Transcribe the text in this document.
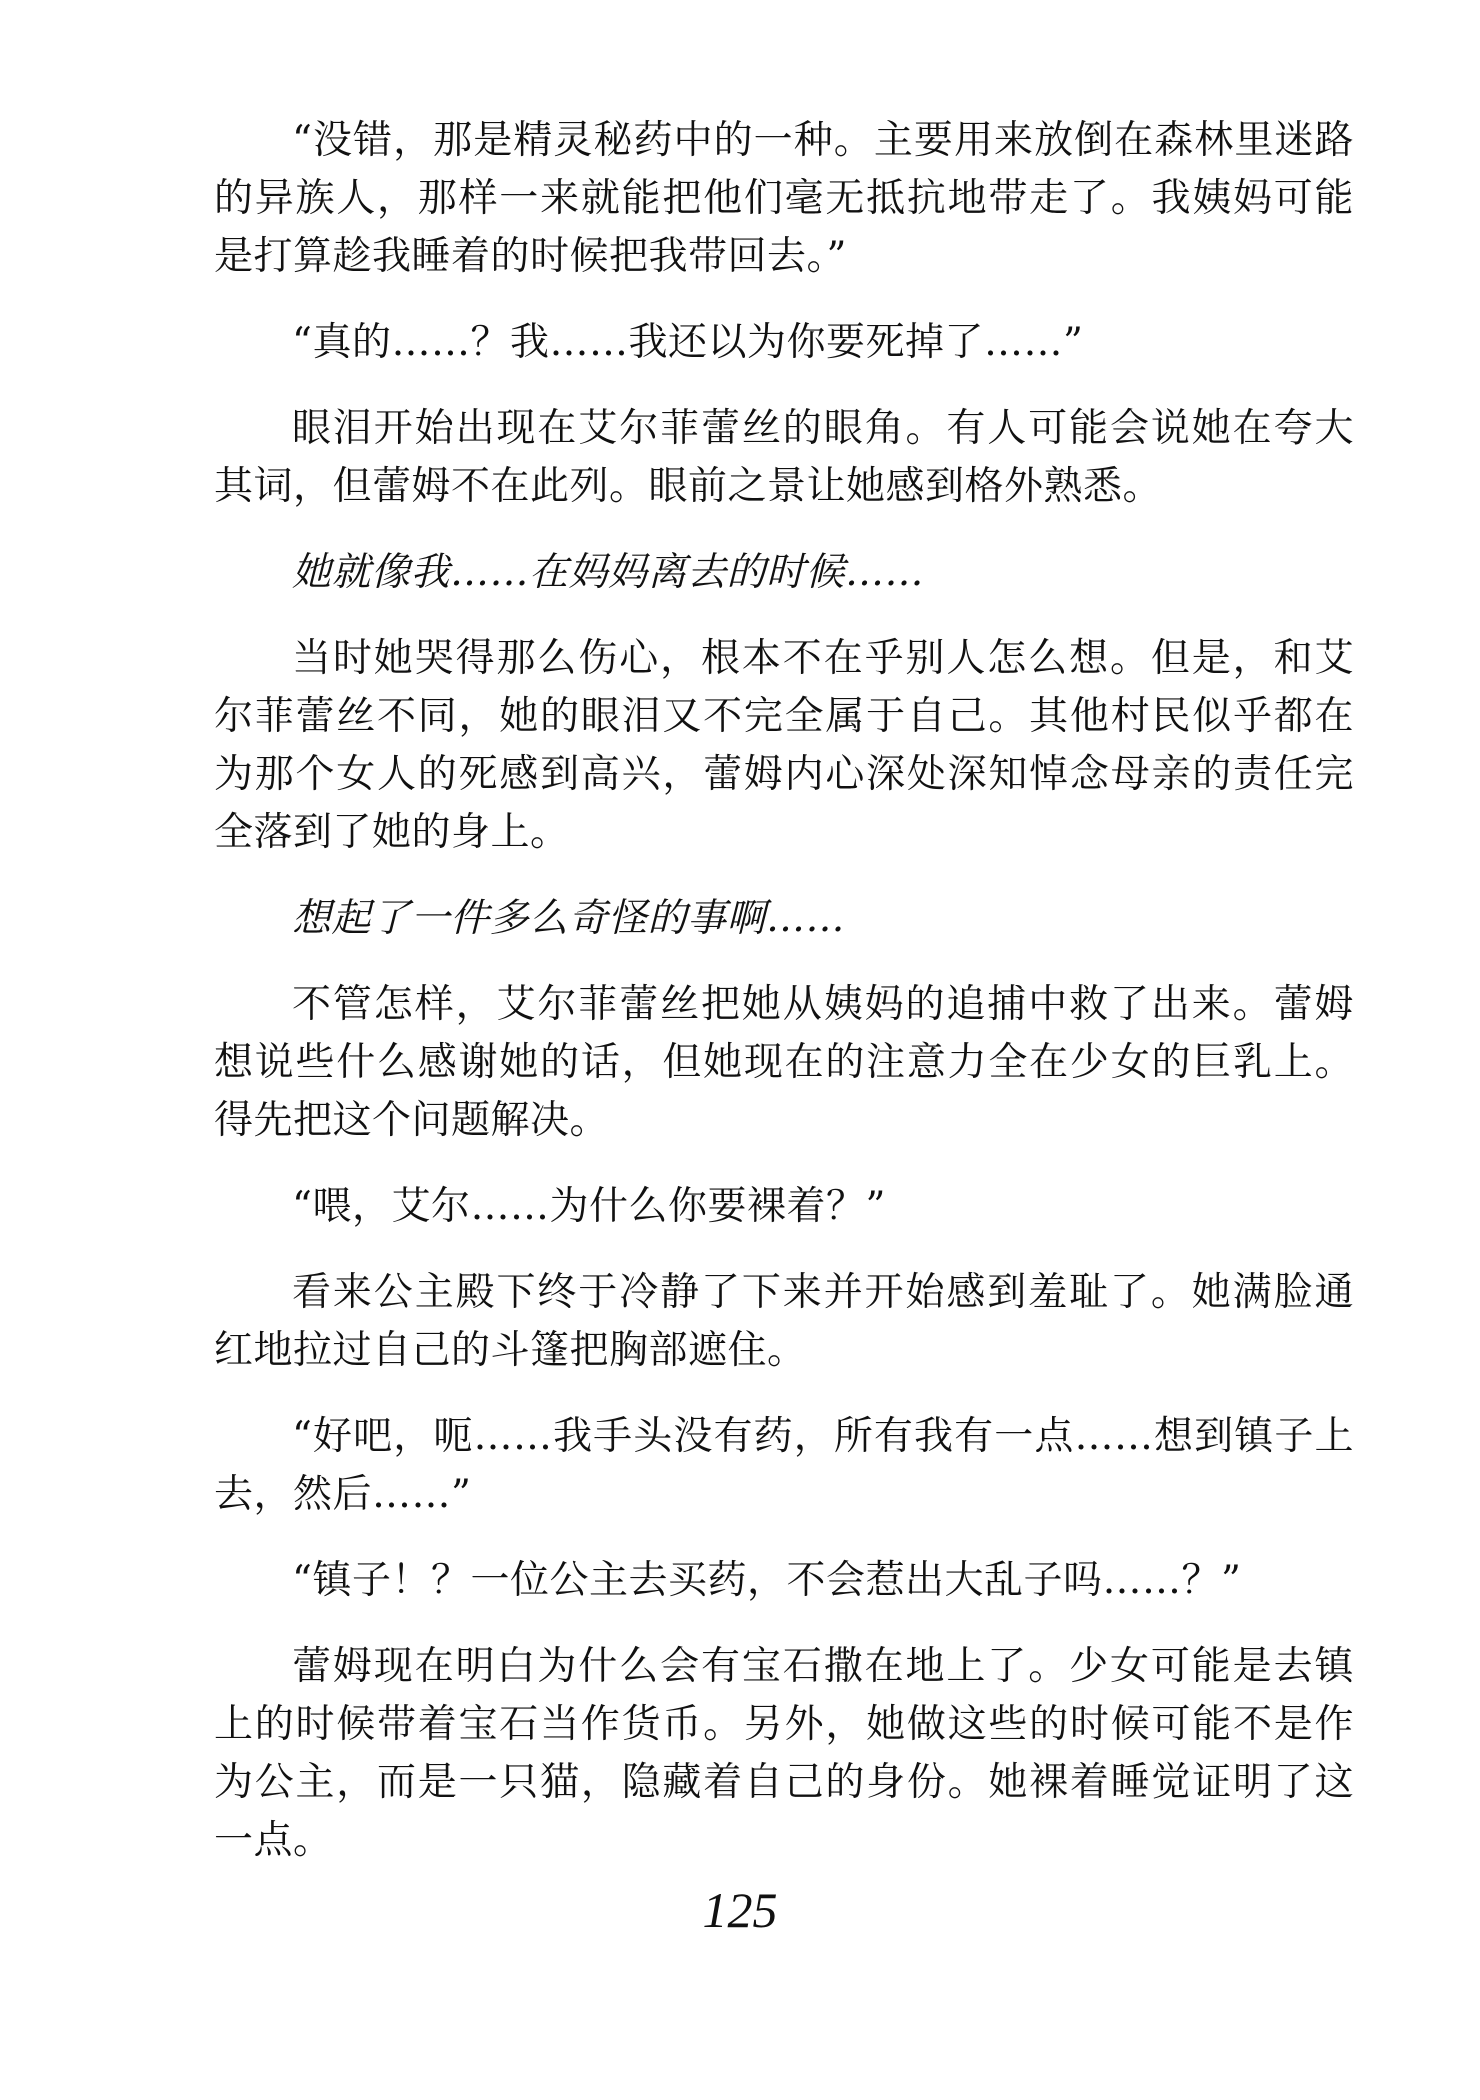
“没错，那是精灵秘药中的一种。主要用来放倒在森林里迷路的异族人，那样一来就能把他们毫无抵抗地带走了。我姨妈可能是打算趁我睡着的时候把我带回去。”

“真的……？我……我还以为你要死掉了……”

眼泪开始出现在艾尔菲蕾丝的眼角。有人可能会说她在夸大其词，但蕾姆不在此列。眼前之景让她感到格外熟悉。

她就像我……在妈妈离去的时候……

当时她哭得那么伤心，根本不在乎别人怎么想。但是，和艾尔菲蕾丝不同，她的眼泪又不完全属于自己。其他村民似乎都在为那个女人的死感到高兴，蕾姆内心深处深知悼念母亲的责任完全落到了她的身上。

想起了一件多么奇怪的事啊……

不管怎样，艾尔菲蕾丝把她从姨妈的追捕中救了出来。蕾姆想说些什么感谢她的话，但她现在的注意力全在少女的巨乳上。得先把这个问题解决。

“喂，艾尔……为什么你要裸着？”

看来公主殿下终于冷静了下来并开始感到羞耻了。她满脸通红地拉过自己的斗篷把胸部遮住。

“好吧，呃……我手头没有药，所有我有一点……想到镇子上去，然后……”

“镇子！？一位公主去买药，不会惹出大乱子吗……？”

蕾姆现在明白为什么会有宝石撒在地上了。少女可能是去镇上的时候带着宝石当作货币。另外，她做这些的时候可能不是作为公主，而是一只猫，隐藏着自己的身份。她裸着睡觉证明了这一点。

125
